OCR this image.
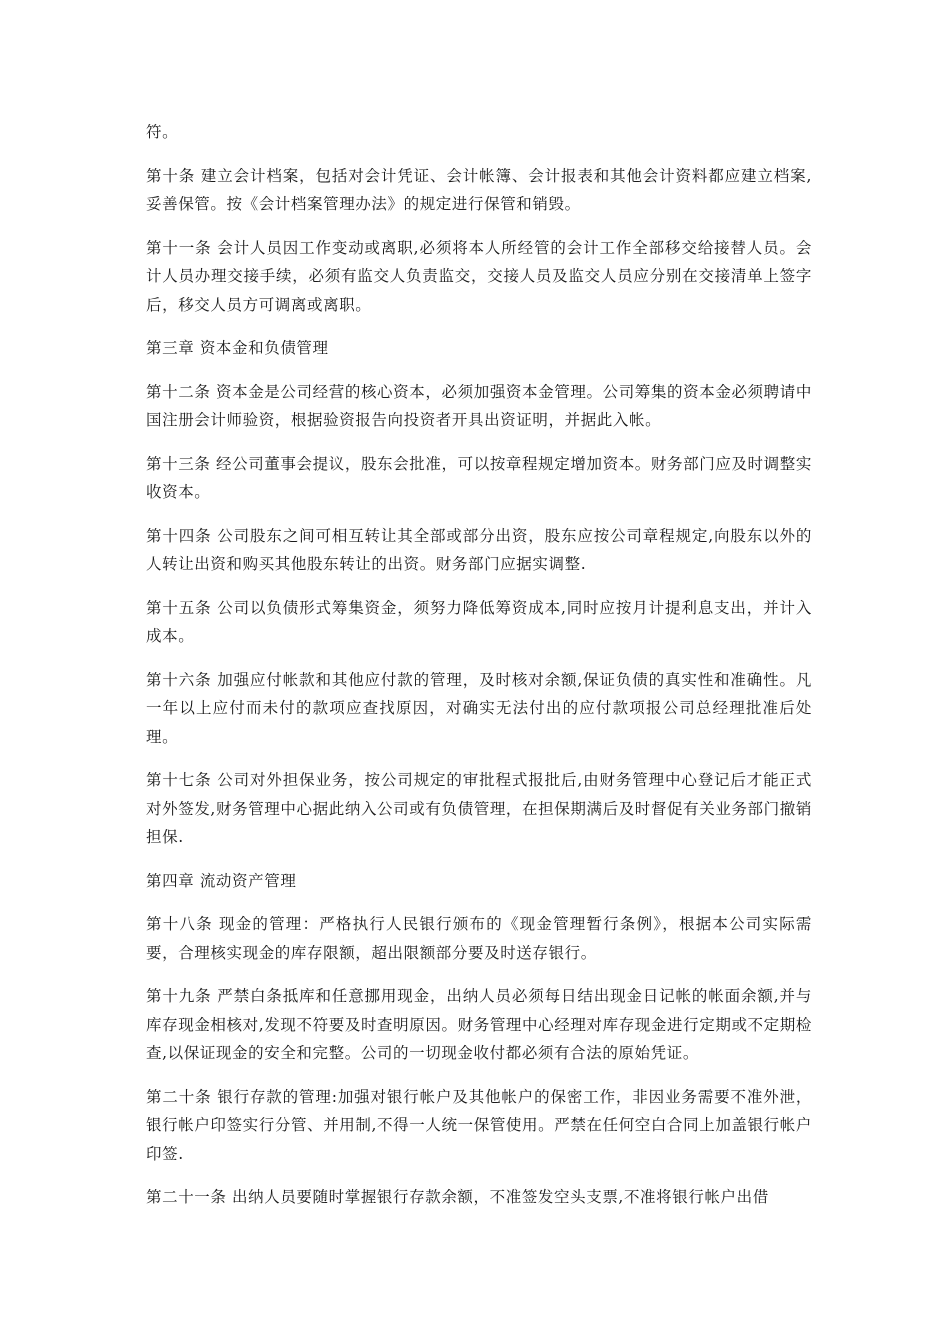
符。

第十条 建立会计档案，包括对会计凭证、会计帐簿、会计报表和其他会计资料都应建立档案,妥善保管。按《会计档案管理办法》的规定进行保管和销毁。

第十一条 会计人员因工作变动或离职,必须将本人所经管的会计工作全部移交给接替人员。会计人员办理交接手续，必须有监交人负责监交，交接人员及监交人员应分别在交接清单上签字后，移交人员方可调离或离职。

第三章 资本金和负债管理

第十二条 资本金是公司经营的核心资本，必须加强资本金管理。公司筹集的资本金必须聘请中国注册会计师验资，根据验资报告向投资者开具出资证明，并据此入帐。

第十三条 经公司董事会提议，股东会批准，可以按章程规定增加资本。财务部门应及时调整实收资本。

第十四条 公司股东之间可相互转让其全部或部分出资，股东应按公司章程规定,向股东以外的人转让出资和购买其他股东转让的出资。财务部门应据实调整.

第十五条 公司以负债形式筹集资金，须努力降低筹资成本,同时应按月计提利息支出，并计入成本。

第十六条 加强应付帐款和其他应付款的管理，及时核对余额,保证负债的真实性和准确性。凡一年以上应付而未付的款项应查找原因，对确实无法付出的应付款项报公司总经理批准后处理。

第十七条 公司对外担保业务，按公司规定的审批程式报批后,由财务管理中心登记后才能正式对外签发,财务管理中心据此纳入公司或有负债管理，在担保期满后及时督促有关业务部门撤销担保.

第四章 流动资产管理

第十八条 现金的管理：严格执行人民银行颁布的《现金管理暂行条例》，根据本公司实际需要，合理核实现金的库存限额，超出限额部分要及时送存银行。

第十九条 严禁白条抵库和任意挪用现金，出纳人员必须每日结出现金日记帐的帐面余额,并与库存现金相核对,发现不符要及时查明原因。财务管理中心经理对库存现金进行定期或不定期检查,以保证现金的安全和完整。公司的一切现金收付都必须有合法的原始凭证。

第二十条 银行存款的管理:加强对银行帐户及其他帐户的保密工作，非因业务需要不准外泄，银行帐户印签实行分管、并用制,不得一人统一保管使用。严禁在任何空白合同上加盖银行帐户印签.

第二十一条 出纳人员要随时掌握银行存款余额，不准签发空头支票,不准将银行帐户出借
